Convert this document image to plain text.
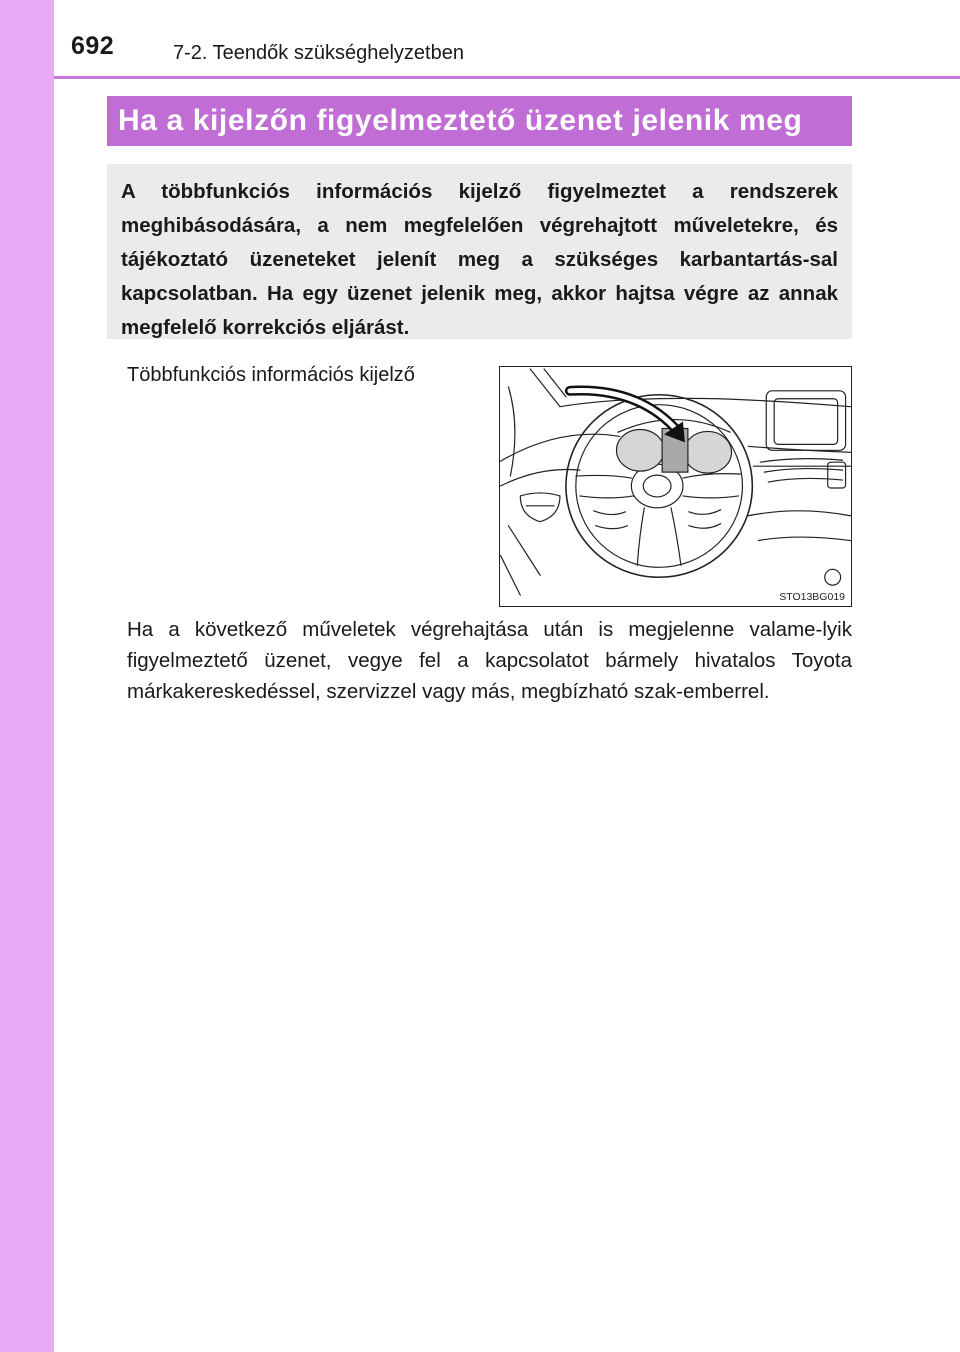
692	7-2. Teendők szükséghelyzetben
Ha a kijelzőn figyelmeztető üzenet jelenik meg

A többfunkciós információs kijelző figyelmeztet a rendszerek meghibásodására, a nem megfelelően végrehajtott műveletekre, és tájékoztató üzeneteket jelenít meg a szükséges karbantartás-sal kapcsolatban. Ha egy üzenet jelenik meg, akkor hajtsa végre az annak megfelelő korrekciós eljárást.

Többfunkciós információs kijelző
STO13BG019

Ha a következő műveletek végrehajtása után is megjelenne valame-lyik figyelmeztető üzenet, vegye fel a kapcsolatot bármely hivatalos Toyota márkakereskedéssel, szervizzel vagy más, megbízható szak-emberrel.
